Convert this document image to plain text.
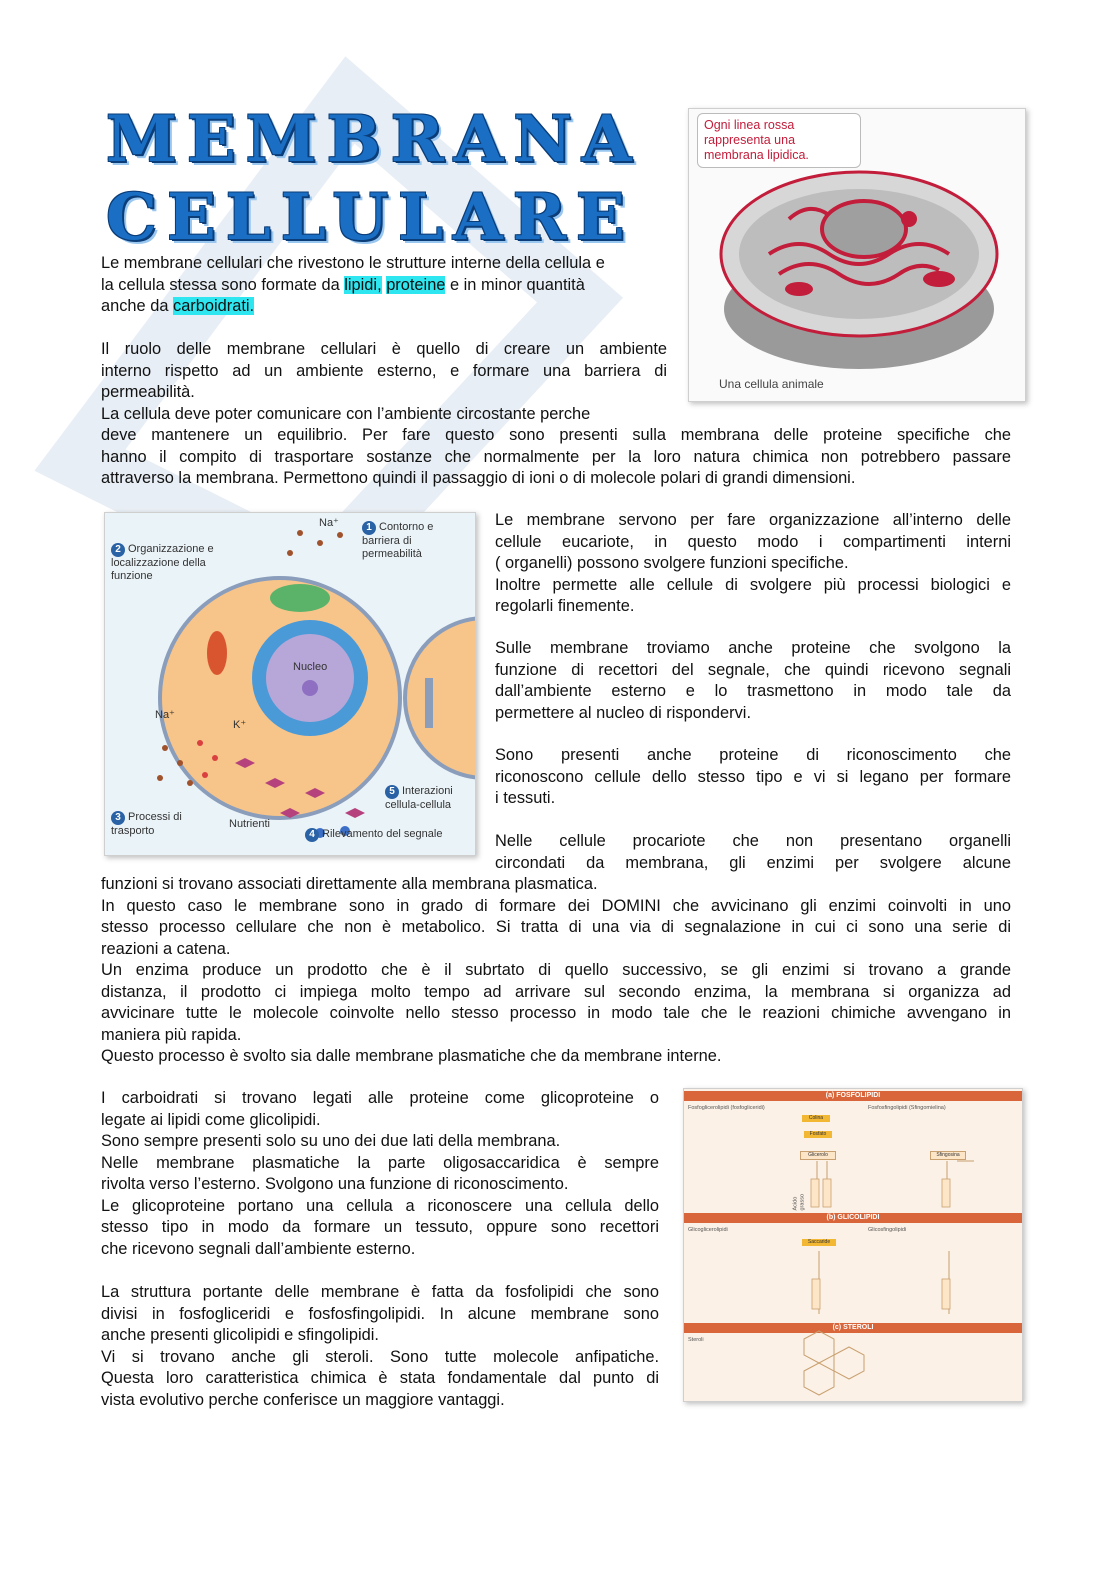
MEMBRANA
CELLULARE
Le membrane cellulari che rivestono le strutture interne della cellula e
la cellula stessa sono formate da lipidi, proteine e in minor quantità
anche da carboidrati.
Il ruolo delle membrane cellulari è quello di creare un ambiente
interno rispetto ad un ambiente esterno, e formare una barriera di
permeabilità.
La cellula deve poter comunicare con l’ambiente circostante perche
deve mantenere un equilibrio. Per fare questo sono presenti sulla membrana delle proteine specifiche che
hanno il compito di trasportare sostanze che normalmente per la loro natura chimica non potrebbero passare
attraverso la membrana. Permettono quindi il passaggio di ioni o di molecole polari di grandi dimensioni.
Ogni linea rossa rappresenta una membrana lipidica.
Una cellula animale
1 Contorno e barriera di permeabilità
2 Organizzazione e localizzazione della funzione
3 Processi di trasporto	4 Rilevamento del segnale
5 Interazioni cellula-cellula
Nucleo
Nutrienti
Na⁺
Na⁺
K⁺
Le membrane servono per fare organizzazione all’interno delle
cellule eucariote, in questo modo i compartimenti interni
( organelli) possono svolgere funzioni specifiche.
Inoltre permette alle cellule di svolgere più processi biologici e
regolarli finemente.
Sulle membrane troviamo anche proteine che svolgono la
funzione di recettori del segnale, che quindi ricevono segnali
dall’ambiente esterno e lo trasmettono in modo tale da
permettere al nucleo di rispondervi.
Sono presenti anche proteine di riconoscimento che
riconoscono cellule dello stesso tipo e vi si legano per formare
i tessuti.
Nelle cellule procariote che non presentano organelli
circondati da membrana, gli enzimi per svolgere alcune
funzioni si trovano associati direttamente alla membrana plasmatica.
In questo caso le membrane sono in grado di formare dei DOMINI che avvicinano gli enzimi coinvolti in uno
stesso processo cellulare che non è metabolico. Si tratta di una via di segnalazione in cui ci sono una serie di
reazioni a catena.
Un enzima produce un prodotto che è il subrtato di quello successivo, se gli enzimi si trovano a grande
distanza, il prodotto ci impiega molto tempo ad arrivare sul secondo enzima, la membrana si organizza ad
avvicinare tutte le molecole coinvolte nello stesso processo in modo tale che le reazioni chimiche avvengano in
maniera più rapida.
Questo processo è svolto sia dalle membrane plasmatiche che da membrane interne.
I carboidrati si trovano legati alle proteine come glicoproteine o
legate ai lipidi come glicolipidi.
Sono sempre presenti solo su uno dei due lati della membrana.
Nelle membrane plasmatiche la parte oligosaccaridica è sempre
rivolta verso l’esterno. Svolgono una funzione di riconoscimento.
Le glicoproteine portano una cellula a riconoscere una cellula dello
stesso tipo in modo da formare un tessuto, oppure sono recettori
che ricevono segnali dall’ambiente esterno.
La struttura portante delle membrane è fatta da fosfolipidi che sono
divisi in fosfogliceridi e fosfosfingolipidi. In alcune membrane sono
anche presenti glicolipidi e sfingolipidi.
Vi si trovano anche gli steroli. Sono tutte molecole anfipatiche.
Questa loro caratteristica chimica è stata fondamentale dal punto di
vista evolutivo perche conferisce un maggiore vantaggi.
(a) FOSFOLIPIDI
Fosfoglicerolipidi (fosfogliceridi)	Fosfosfingolipidi (Sfingomielina)
Colina
Fosfato
Glicerolo	Sfingosina
(b) GLICOLIPIDI
Glicoglicerolipidi	Glicosfingolipidi
Saccaride
(c) STEROLI
Steroli
Acido grasso
